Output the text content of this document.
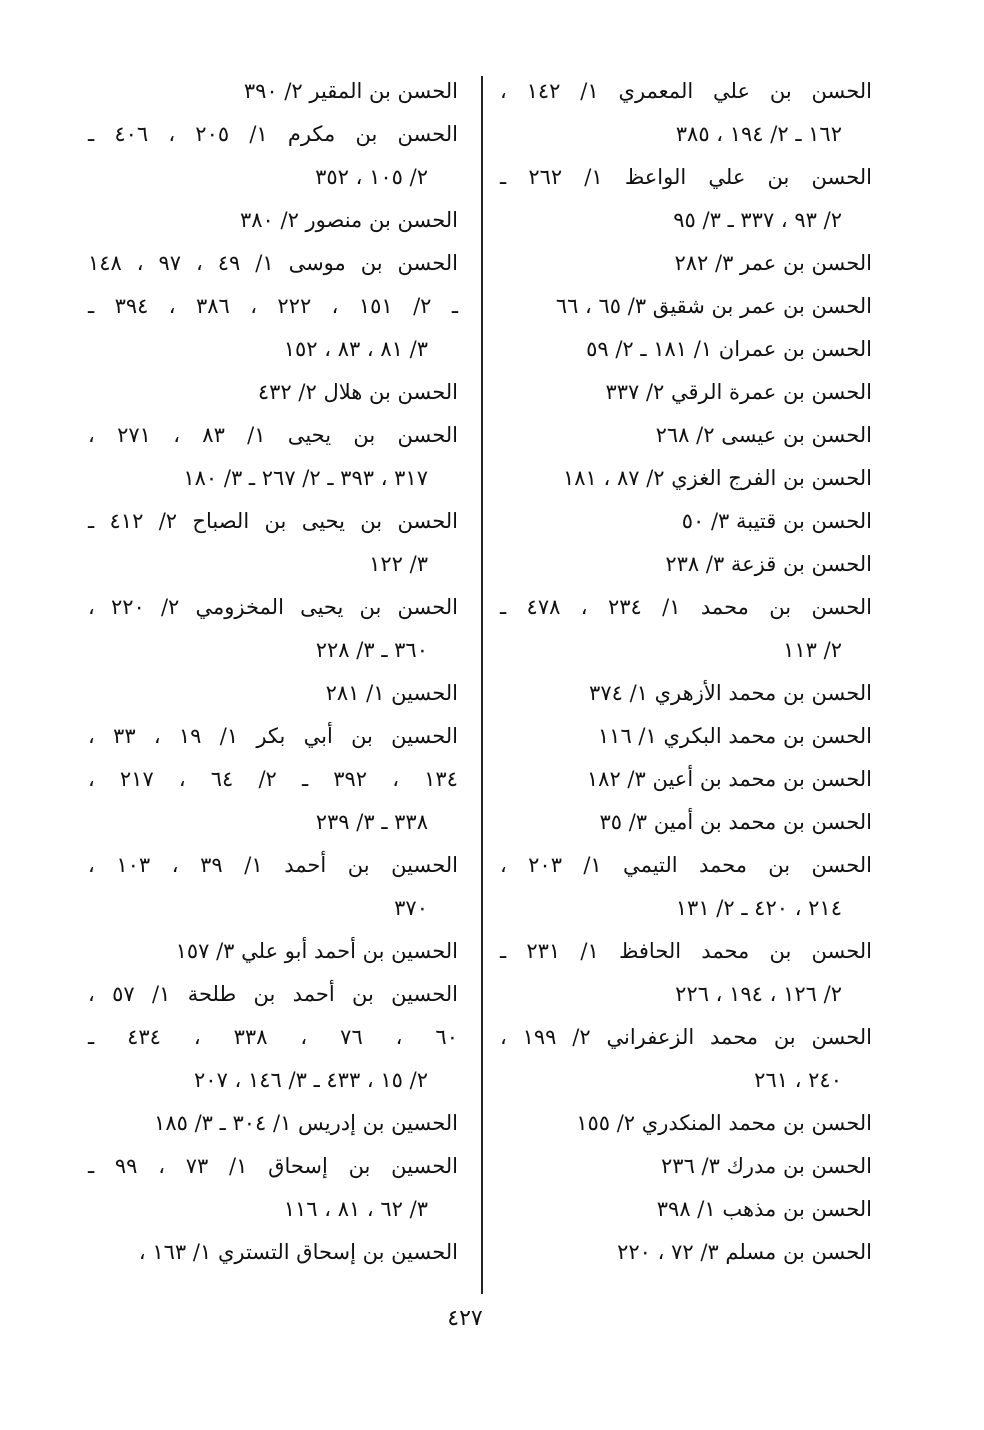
الحسن بن علي المعمري ١/ ١٤٢ ،
١٦٢ ـ ٢/ ١٩٤ ، ٣٨٥
الحسن بن علي الواعظ ١/ ٢٦٢ ـ
٢/ ٩٣ ، ٣٣٧ ـ ٣/ ٩٥
الحسن بن عمر ٣/ ٢٨٢
الحسن بن عمر بن شقيق ٣/ ٦٥ ، ٦٦
الحسن بن عمران ١/ ١٨١ ـ ٢/ ٥٩
الحسن بن عمرة الرقي ٢/ ٣٣٧
الحسن بن عيسى ٢/ ٢٦٨
الحسن بن الفرج الغزي ٢/ ٨٧ ، ١٨١
الحسن بن قتيبة ٣/ ٥٠
الحسن بن قزعة ٣/ ٢٣٨
الحسن بن محمد ١/ ٢٣٤ ، ٤٧٨ ـ
٢/ ١١٣
الحسن بن محمد الأزهري ١/ ٣٧٤
الحسن بن محمد البكري ١/ ١١٦
الحسن بن محمد بن أعين ٣/ ١٨٢
الحسن بن محمد بن أمين ٣/ ٣٥
الحسن بن محمد التيمي ١/ ٢٠٣ ،
٢١٤ ، ٤٢٠ ـ ٢/ ١٣١
الحسن بن محمد الحافظ ١/ ٢٣١ ـ
٢/ ١٢٦ ، ١٩٤ ، ٢٢٦
الحسن بن محمد الزعفراني ٢/ ١٩٩ ،
٢٤٠ ، ٢٦١
الحسن بن محمد المنكدري ٢/ ١٥٥
الحسن بن مدرك ٣/ ٢٣٦
الحسن بن مذهب ١/ ٣٩٨
الحسن بن مسلم ٣/ ٧٢ ، ٢٢٠
الحسن بن المقير ٢/ ٣٩٠
الحسن بن مكرم ١/ ٢٠٥ ، ٤٠٦ ـ
٢/ ١٠٥ ، ٣٥٢
الحسن بن منصور ٢/ ٣٨٠
الحسن بن موسى ١/ ٤٩ ، ٩٧ ، ١٤٨
ـ ٢/ ١٥١ ، ٢٢٢ ، ٣٨٦ ، ٣٩٤ ـ
٣/ ٨١ ، ٨٣ ، ١٥٢
الحسن بن هلال ٢/ ٤٣٢
الحسن بن يحيى ١/ ٨٣ ، ٢٧١ ،
٣١٧ ، ٣٩٣ ـ ٢/ ٢٦٧ ـ ٣/ ١٨٠
الحسن بن يحيى بن الصباح ٢/ ٤١٢ ـ
٣/ ١٢٢
الحسن بن يحيى المخزومي ٢/ ٢٢٠ ،
٣٦٠ ـ ٣/ ٢٢٨
الحسين ١/ ٢٨١
الحسين بن أبي بكر ١/ ١٩ ، ٣٣ ،
١٣٤ ، ٣٩٢ ـ ٢/ ٦٤ ، ٢١٧ ،
٣٣٨ ـ ٣/ ٢٣٩
الحسين بن أحمد ١/ ٣٩ ، ١٠٣ ،
٣٧٠
الحسين بن أحمد أبو علي ٣/ ١٥٧
الحسين بن أحمد بن طلحة ١/ ٥٧ ،
٦٠ ، ٧٦ ، ٣٣٨ ، ٤٣٤ ـ
٢/ ١٥ ، ٤٣٣ ـ ٣/ ١٤٦ ، ٢٠٧
الحسين بن إدريس ١/ ٣٠٤ ـ ٣/ ١٨٥
الحسين بن إسحاق ١/ ٧٣ ، ٩٩ ـ
٣/ ٦٢ ، ٨١ ، ١١٦
الحسين بن إسحاق التستري ١/ ١٦٣ ،
٤٢٧
